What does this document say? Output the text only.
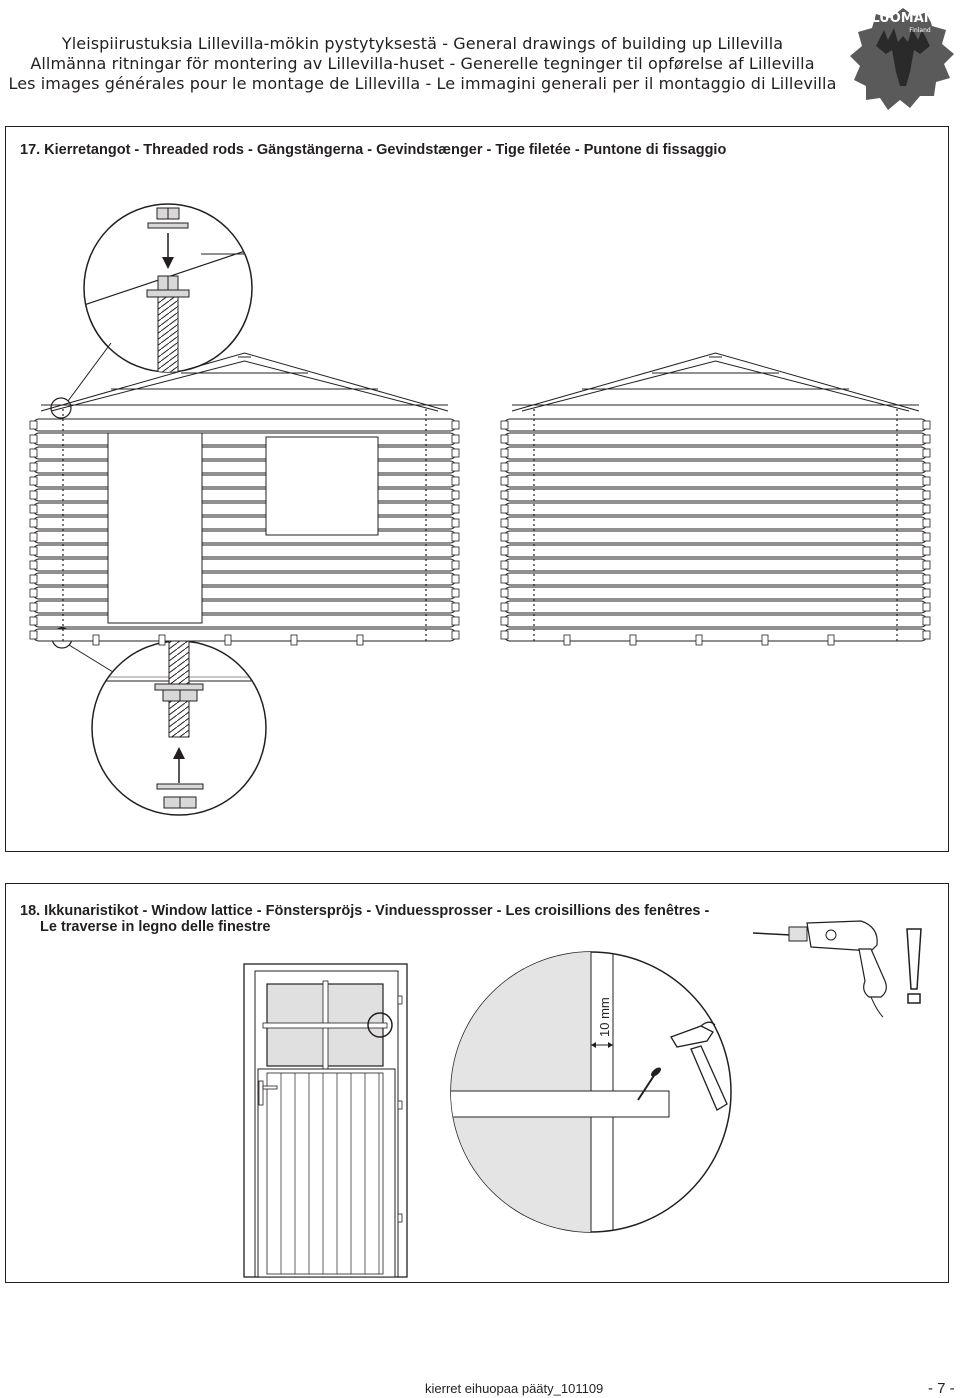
Yleispiirustuksia Lillevilla-mökin pystytyksestä - General drawings of building up Lillevilla
Allmänna ritningar för montering av Lillevilla-huset - Generelle tegninger til opførelse af Lillevilla
Les images générales pour le montage de Lillevilla - Le immagini generali per il montaggio di Lillevilla
LUOMAN
Finland
17. Kierretangot - Threaded rods - Gängstängerna - Gevindstænger - Tige filetée - Puntone di fissaggio
18. Ikkunaristikot - Window lattice - Fönsterspröjs - Vinduessprosser - Les croisillions des fenêtres -
Le traverse in legno delle finestre
10 mm
kierret eihuopaa pääty_101109	- 7 -
